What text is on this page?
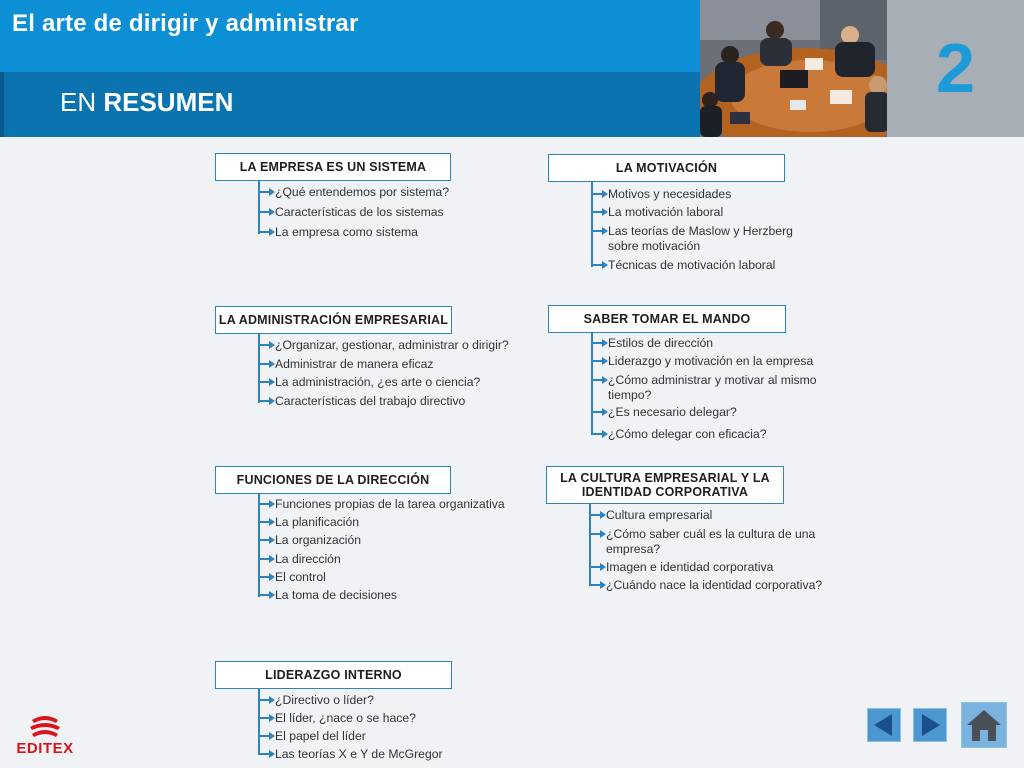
El arte de dirigir y administrar
EN RESUMEN	2
LA EMPRESA ES UN SISTEMA
¿Qué entendemos por sistema?
Características de los sistemas
La empresa como sistema
LA MOTIVACIÓN
Motivos y necesidades
La motivación laboral
Las teorías de Maslow y Herzberg
sobre motivación
Técnicas de motivación laboral
LA ADMINISTRACIÓN EMPRESARIAL
¿Organizar, gestionar, administrar o dirigir?
Administrar de manera eficaz
La administración, ¿es arte o ciencia?
Características del trabajo directivo
SABER TOMAR EL MANDO
Estilos de dirección
Liderazgo y motivación en la empresa
¿Cómo administrar y motivar al mismo
tiempo?
¿Es necesario delegar?
¿Cómo delegar con eficacia?
FUNCIONES DE LA DIRECCIÓN
Funciones propias de la tarea organizativa
La planificación
La organización
La dirección
El control
La toma de decisiones
LA CULTURA EMPRESARIAL Y LA
IDENTIDAD CORPORATIVA
Cultura empresarial
¿Cómo saber cuál es la cultura de una
empresa?
Imagen e identidad corporativa
¿Cuándo nace la identidad corporativa?
LIDERAZGO INTERNO
¿Directivo o líder?
El líder, ¿nace o se hace?
El papel del líder
Las teorías X e Y de McGregor
EDITEX
